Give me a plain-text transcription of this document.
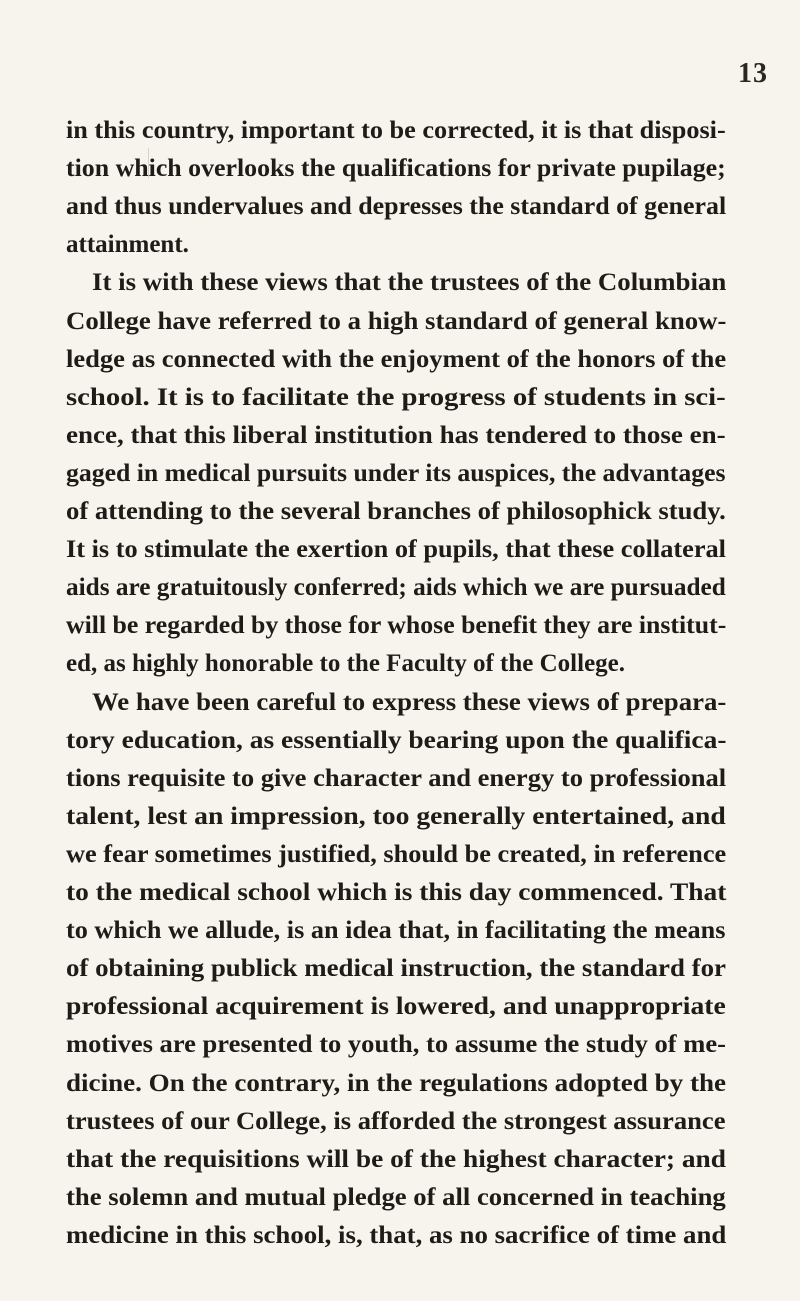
13
in this country, important to be corrected, it is that disposi-
tion which overlooks the qualifications for private pupilage;
and thus undervalues and depresses the standard of general
attainment.
It is with these views that the trustees of the Columbian
College have referred to a high standard of general know-
ledge as connected with the enjoyment of the honors of the
school. It is to facilitate the progress of students in sci-
ence, that this liberal institution has tendered to those en-
gaged in medical pursuits under its auspices, the advantages
of attending to the several branches of philosophick study.
It is to stimulate the exertion of pupils, that these collateral
aids are gratuitously conferred; aids which we are pursuaded
will be regarded by those for whose benefit they are institut-
ed, as highly honorable to the Faculty of the College.
We have been careful to express these views of prepara-
tory education, as essentially bearing upon the qualifica-
tions requisite to give character and energy to professional
talent, lest an impression, too generally entertained, and
we fear sometimes justified, should be created, in reference
to the medical school which is this day commenced. That
to which we allude, is an idea that, in facilitating the means
of obtaining publick medical instruction, the standard for
professional acquirement is lowered, and unappropriate
motives are presented to youth, to assume the study of me-
dicine. On the contrary, in the regulations adopted by the
trustees of our College, is afforded the strongest assurance
that the requisitions will be of the highest character; and
the solemn and mutual pledge of all concerned in teaching
medicine in this school, is, that, as no sacrifice of time and
